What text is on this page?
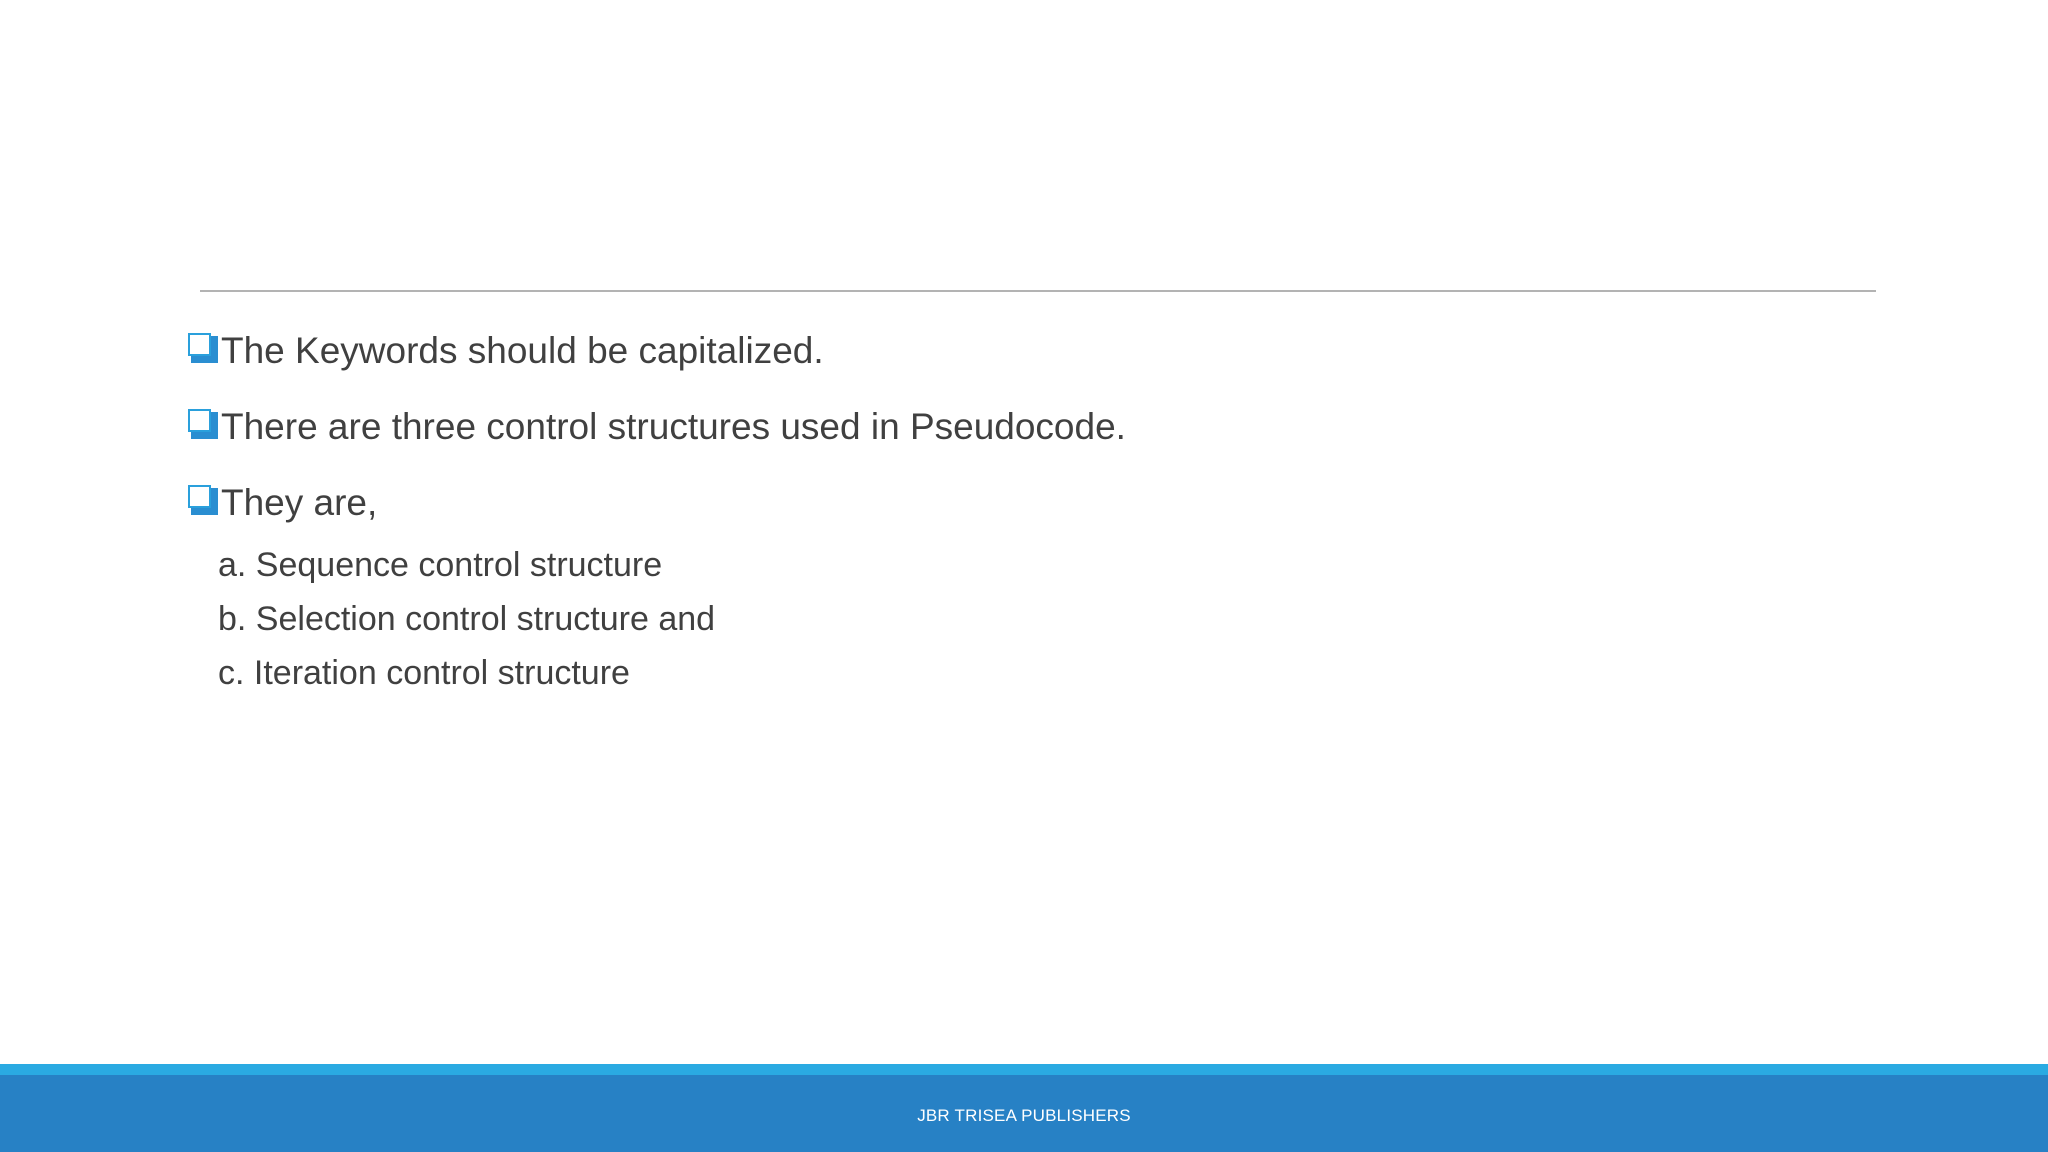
The Keywords should be capitalized.
There are three control structures used in Pseudocode.
They are,
a. Sequence control structure
b. Selection control structure and
c. Iteration control structure
JBR TRISEA PUBLISHERS
